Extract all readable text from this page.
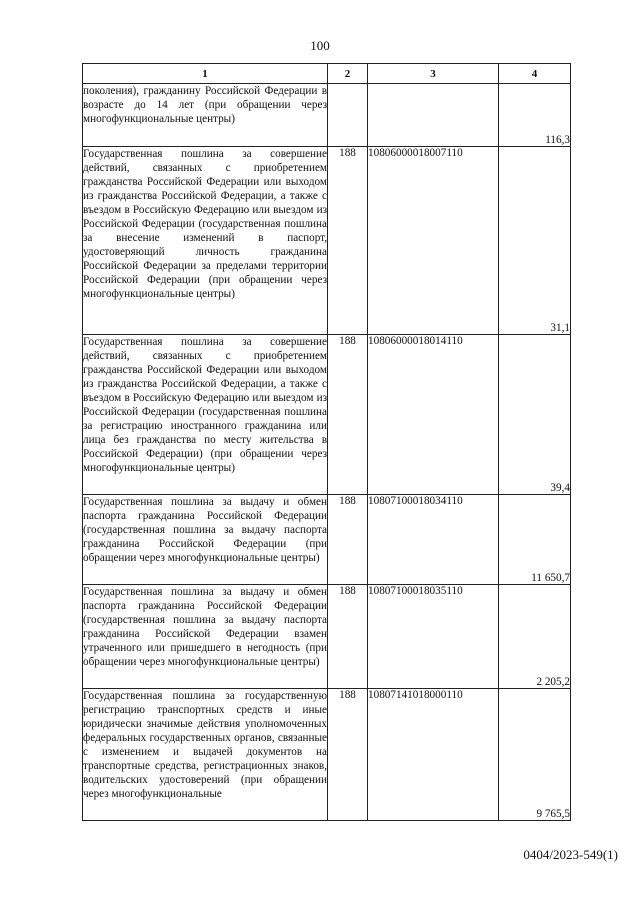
100
1	2	3	4
поколения), гражданину Российской Федерации в возрасте до 14 лет (при обращении через многофункциональные центры)			116,3
Государственная пошлина за совершение действий, связанных с приобретением гражданства Российской Федерации или выходом из гражданства Российской Федерации, а также с въездом в Российскую Федерацию или выездом из Российской Федерации (государственная пошлина за внесение изменений в паспорт, удостоверяющий личность гражданина Российской Федерации за пределами территории Российской Федерации (при обращении через многофункциональные центры)	188	10806000018007110	31,1
Государственная пошлина за совершение действий, связанных с приобретением гражданства Российской Федерации или выходом из гражданства Российской Федерации, а также с въездом в Российскую Федерацию или выездом из Российской Федерации (государственная пошлина за регистрацию иностранного гражданина или лица без гражданства по месту жительства в Российской Федерации) (при обращении через многофункциональные центры)	188	10806000018014110	39,4
Государственная пошлина за выдачу и обмен паспорта гражданина Российской Федерации (государственная пошлина за выдачу паспорта гражданина Российской Федерации (при обращении через многофункциональные центры)	188	10807100018034110	11 650,7
Государственная пошлина за выдачу и обмен паспорта гражданина Российской Федерации (государственная пошлина за выдачу паспорта гражданина Российской Федерации взамен утраченного или пришедшего в негодность (при обращении через многофункциональные центры)	188	10807100018035110	2 205,2
Государственная пошлина за государственную регистрацию транспортных средств и иные юридически значимые действия уполномоченных федеральных государственных органов, связанные с изменением и выдачей документов на транспортные средства, регистрационных знаков, водительских удостоверений (при обращении через многофункциональные	188	10807141018000110	9 765,5
0404/2023-549(1)
